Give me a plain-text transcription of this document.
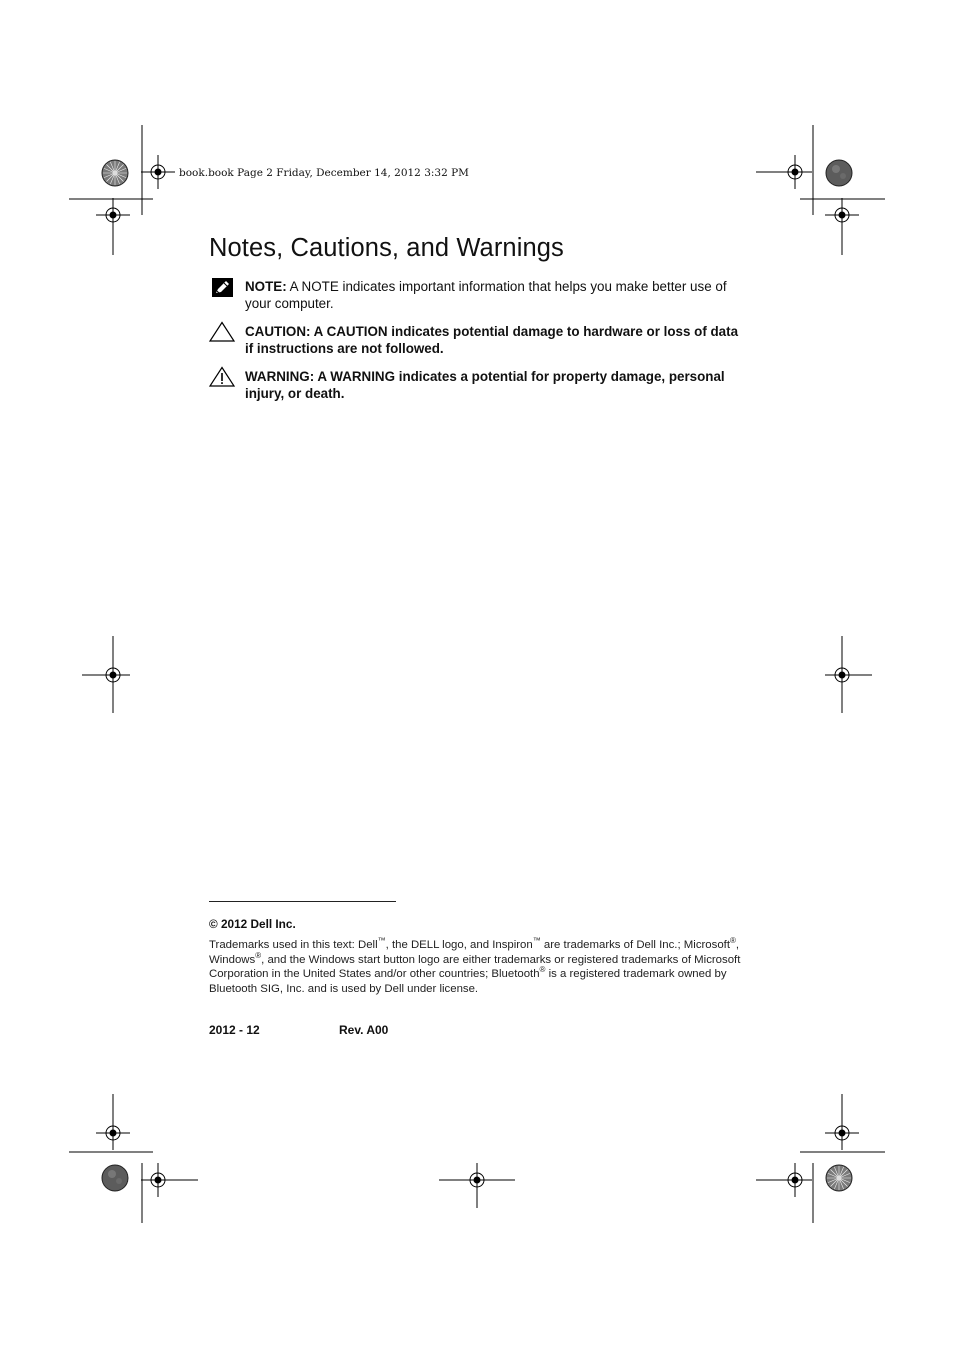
book.book Page 2 Friday, December 14, 2012 3:32 PM
Notes, Cautions, and Warnings
NOTE: A NOTE indicates important information that helps you make better use of your computer.
CAUTION: A CAUTION indicates potential damage to hardware or loss of data if instructions are not followed.
WARNING: A WARNING indicates a potential for property damage, personal injury, or death.
© 2012 Dell Inc.
Trademarks used in this text: Dell™, the DELL logo, and Inspiron™ are trademarks of Dell Inc.; Microsoft®, Windows®, and the Windows start button logo are either trademarks or registered trademarks of Microsoft Corporation in the United States and/or other countries; Bluetooth® is a registered trademark owned by Bluetooth SIG, Inc. and is used by Dell under license.
2012 - 12	Rev. A00
